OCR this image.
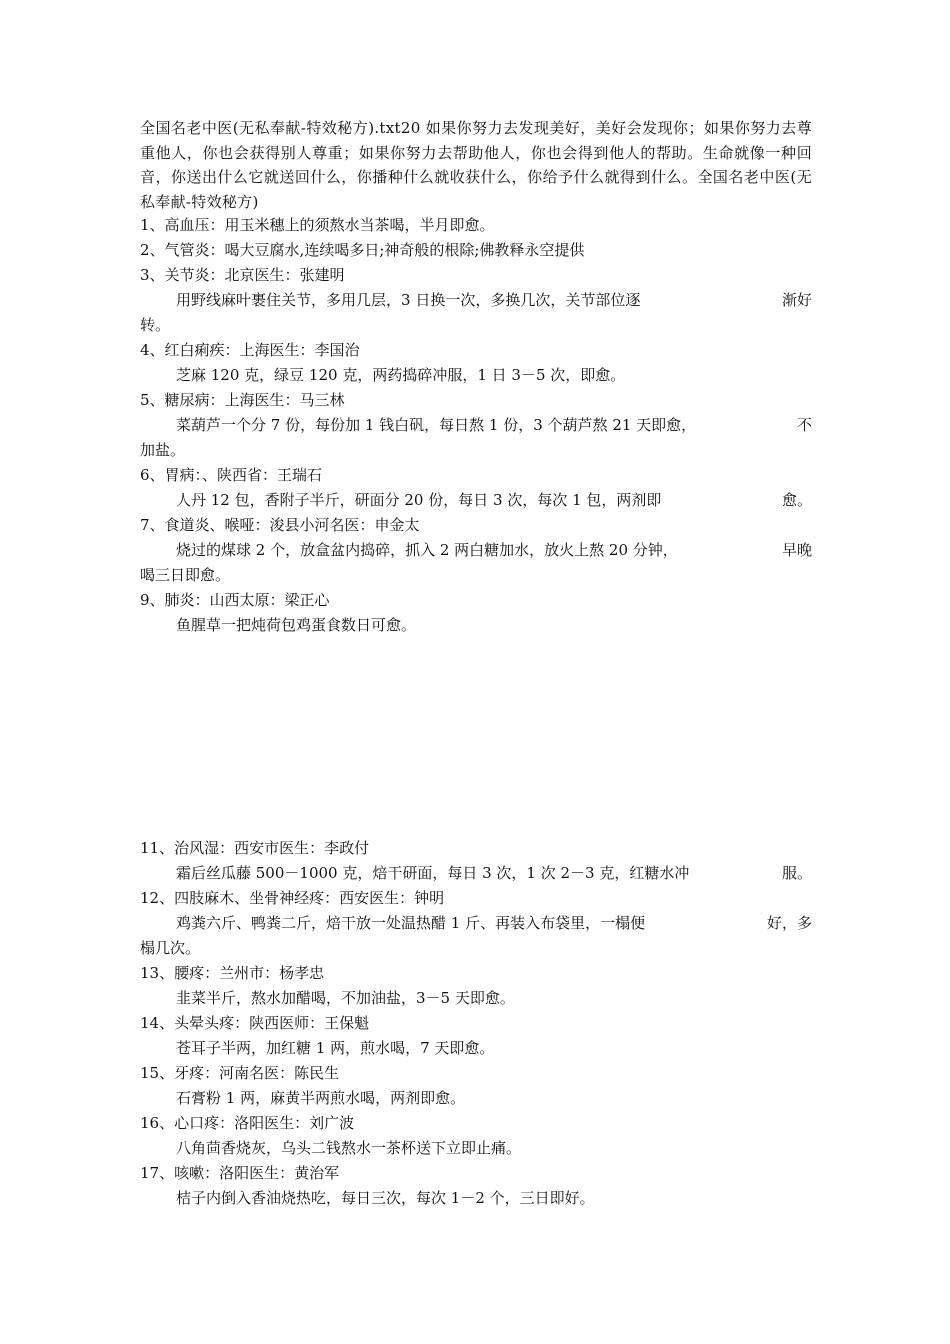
全国名老中医(无私奉献-特效秘方).txt20 如果你努力去发现美好，美好会发现你；如果你努力去尊重他人，你也会获得别人尊重；如果你努力去帮助他人，你也会得到他人的帮助。生命就像一种回音，你送出什么它就送回什么，你播种什么就收获什么，你给予什么就得到什么。全国名老中医(无私奉献-特效秘方)
1、高血压：用玉米穗上的须熬水当茶喝，半月即愈。
2、气管炎：喝大豆腐水,连续喝多日;神奇般的根除;佛教释永空提供
3、关节炎：北京医生：张建明
用野线麻叶裹住关节，多用几层，3 日换一次，多换几次，关节部位逐	渐好
转。
4、红白痢疾：上海医生：李国治
芝麻 120 克，绿豆 120 克，两药捣碎冲服，1 日 3－5 次，即愈。
5、糖尿病：上海医生：马三林
菜葫芦一个分 7 份，每份加 1 钱白矾，每日熬 1 份，3 个葫芦熬 21 天即愈，	不
加盐。
6、胃病：、陕西省：王瑞石
人丹 12 包，香附子半斤，研面分 20 份，每日 3 次，每次 1 包，两剂即	愈。
7、食道炎、喉哑：浚县小河名医：申金太
烧过的煤球 2 个，放盒盆内捣碎，抓入 2 两白糖加水，放火上熬 20 分钟，	早晚
喝三日即愈。
9、肺炎：山西太原：梁正心
鱼腥草一把炖荷包鸡蛋食数日可愈。
11、治风湿：西安市医生：李政付
霜后丝瓜藤 500－1000 克，焙干研面，每日 3 次，1 次 2－3 克，红糖水冲	服。
12、四肢麻木、坐骨神经疼：西安医生：钟明
鸡粪六斤、鸭粪二斤，焙干放一处温热醋 1 斤、再装入布袋里，一榻便	好，多
榻几次。
13、腰疼：兰州市：杨孝忠
韭菜半斤，熬水加醋喝，不加油盐，3－5 天即愈。
14、头晕头疼：陕西医师：王保魁
苍耳子半两，加红糖 1 两，煎水喝，7 天即愈。
15、牙疼：河南名医：陈民生
石膏粉 1 两，麻黄半两煎水喝，两剂即愈。
16、心口疼：洛阳医生：刘广波
八角茴香烧灰，乌头二钱熬水一茶杯送下立即止痛。
17、咳嗽：洛阳医生：黄治军
桔子内倒入香油烧热吃，每日三次，每次 1－2 个，三日即好。
